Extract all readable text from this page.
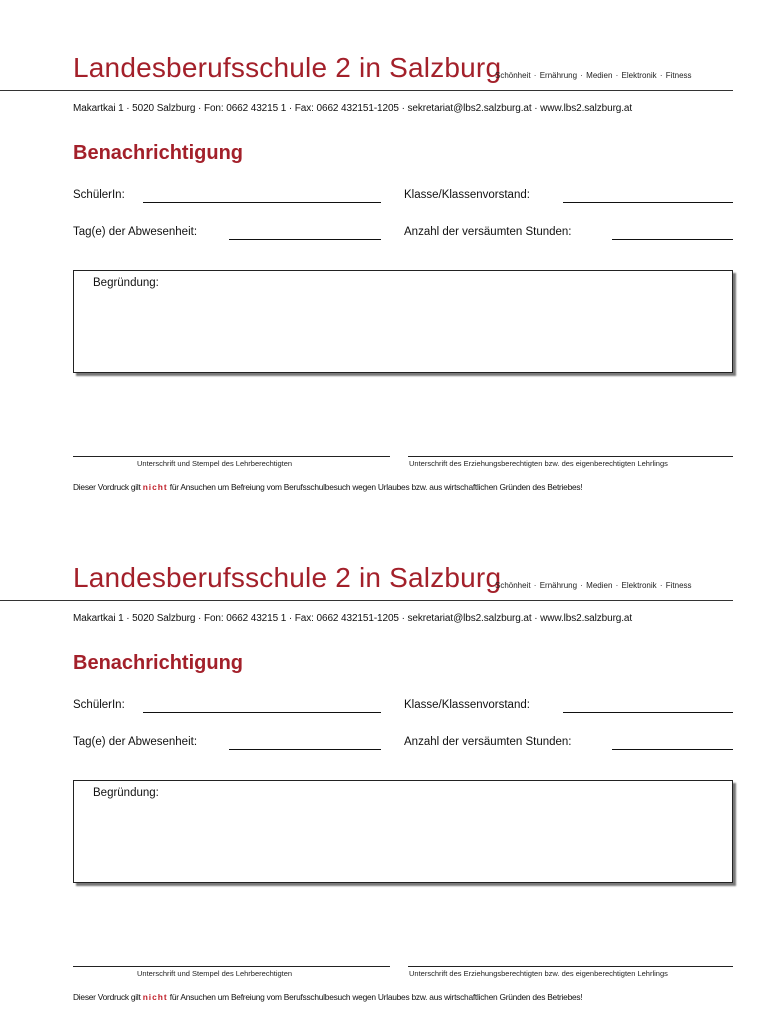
Landesberufsschule 2 in Salzburg
Schönheit · Ernährung · Medien · Elektronik · Fitness
Makartkai 1 · 5020 Salzburg · Fon: 0662 43215 1 · Fax: 0662 432151-1205 · sekretariat@lbs2.salzburg.at · www.lbs2.salzburg.at
Benachrichtigung
SchülerIn:	Klasse/Klassenvorstand:
Tag(e) der Abwesenheit:	Anzahl der versäumten Stunden:
Begründung:
Unterschrift und Stempel des Lehrberechtigten	Unterschrift des Erziehungsberechtigten bzw. des eigenberechtigten Lehrlings
Dieser Vordruck gilt nicht für Ansuchen um Befreiung vom Berufsschulbesuch wegen Urlaubes bzw. aus wirtschaftlichen Gründen des Betriebes!
Landesberufsschule 2 in Salzburg
Schönheit · Ernährung · Medien · Elektronik · Fitness
Makartkai 1 · 5020 Salzburg · Fon: 0662 43215 1 · Fax: 0662 432151-1205 · sekretariat@lbs2.salzburg.at · www.lbs2.salzburg.at
Benachrichtigung
SchülerIn:	Klasse/Klassenvorstand:
Tag(e) der Abwesenheit:	Anzahl der versäumten Stunden:
Begründung:
Unterschrift und Stempel des Lehrberechtigten	Unterschrift des Erziehungsberechtigten bzw. des eigenberechtigten Lehrlings
Dieser Vordruck gilt nicht für Ansuchen um Befreiung vom Berufsschulbesuch wegen Urlaubes bzw. aus wirtschaftlichen Gründen des Betriebes!
